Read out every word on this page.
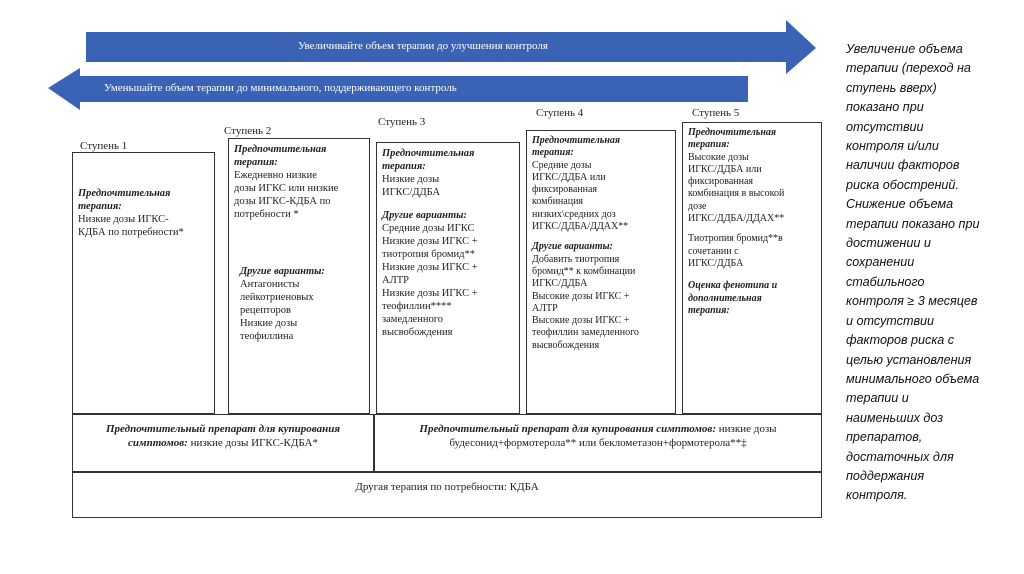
Увеличивайте объем терапии до улучшения контроля
Уменьшайте объем терапии до минимального, поддерживающего контроль
Ступень 1
Ступень 2
Ступень 3
Ступень 4	Ступень 5
Предпочтительная терапия:
Низкие дозы ИГКС-
КДБА по потребности*
Предпочтительная
терапия:
Ежедневно низкие
дозы ИГКС или низкие
дозы ИГКС-КДБА по
потребности *
Другие варианты:
Антагонисты
лейкотриеновых
рецепторов
Низкие дозы
теофиллина
Предпочтительная
терапия:
Низкие дозы
ИГКС/ДДБА
Другие варианты:
Средние дозы ИГКС
Низкие дозы ИГКС +
тиотропия бромид**
Низкие дозы ИГКС +
АЛТР
Низкие дозы ИГКС +
теофиллин****
замедленного
высвобождения
Предпочтительная
терапия:
Средние дозы
ИГКС/ДДБА или
фиксированная
комбинация
низких\средних доз
ИГКС/ДДБА/ДДАХ**
Другие варианты:
Добавить тиотропия
бромид** к комбинации
ИГКС/ДДБА
Высокие дозы ИГКС +
АЛТР
Высокие дозы ИГКС +
теофиллин замедленного
высвобождения
Предпочтительная
терапия:
Высокие дозы
ИГКС/ДДБА или
фиксированная
комбинация в высокой
дозе
ИГКС/ДДБА/ДДАХ**
Тиотропия бромид**в
сочетании с
ИГКС/ДДБА
Оценка фенотипа и
дополнительная
терапия:
Предпочтительный препарат для купирования
симптомов: низкие дозы ИГКС-КДБА*
Предпочтительный препарат для купирования симптомов: низкие дозы
будесонид+формотерола** или беклометазон+формотерола**‡
Другая терапия по потребности: КДБА
Увеличение объема
терапии (переход на
ступень вверх)
показано при
отсутствии
контроля и/или
наличии факторов
риска обострений.
Снижение объема
терапии показано при
достижении и
сохранении
стабильного
контроля ≥ 3 месяцев
и отсутствии
факторов риска с
целью установления
минимального объема
терапии и
наименьших доз
препаратов,
достаточных для
поддержания
контроля.
